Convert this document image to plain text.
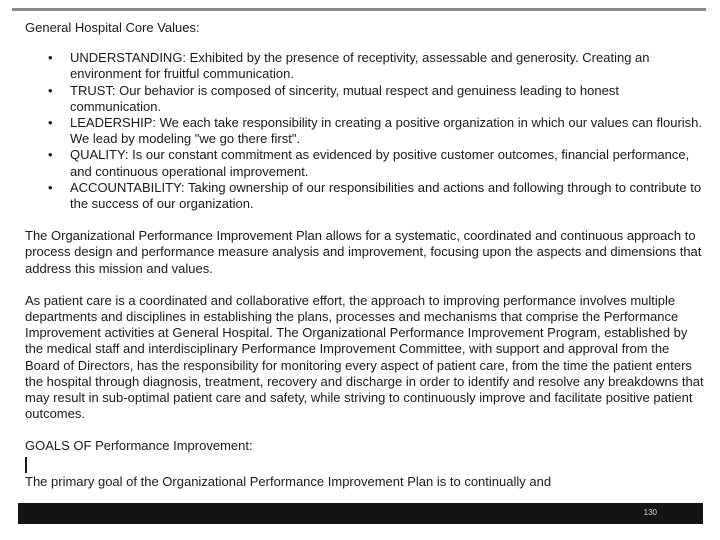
General Hospital Core Values:

• UNDERSTANDING: Exhibited by the presence of receptivity, assessable and generosity. Creating an environment for fruitful communication.
• TRUST: Our behavior is composed of sincerity, mutual respect and genuiness leading to honest communication.
• LEADERSHIP: We each take responsibility in creating a positive organization in which our values can flourish. We lead by modeling "we go there first".
• QUALITY: Is our constant commitment as evidenced by positive customer outcomes, financial performance, and continuous operational improvement.
• ACCOUNTABILITY: Taking ownership of our responsibilities and actions and following through to contribute to the success of our organization.

The Organizational Performance Improvement Plan allows for a systematic, coordinated and continuous approach to process design and performance measure analysis and improvement, focusing upon the aspects and dimensions that address this mission and values.

As patient care is a coordinated and collaborative effort, the approach to improving performance involves multiple departments and disciplines in establishing the plans, processes and mechanisms that comprise the Performance Improvement activities at General Hospital. The Organizational Performance Improvement Program, established by the medical staff and interdisciplinary Performance Improvement Committee, with support and approval from the Board of Directors, has the responsibility for monitoring every aspect of patient care, from the time the patient enters the hospital through diagnosis, treatment, recovery and discharge in order to identify and resolve any breakdowns that may result in sub-optimal patient care and safety, while striving to continuously improve and facilitate positive patient outcomes.

GOALS OF Performance Improvement:

The primary goal of the Organizational Performance Improvement Plan is to continually and

130
